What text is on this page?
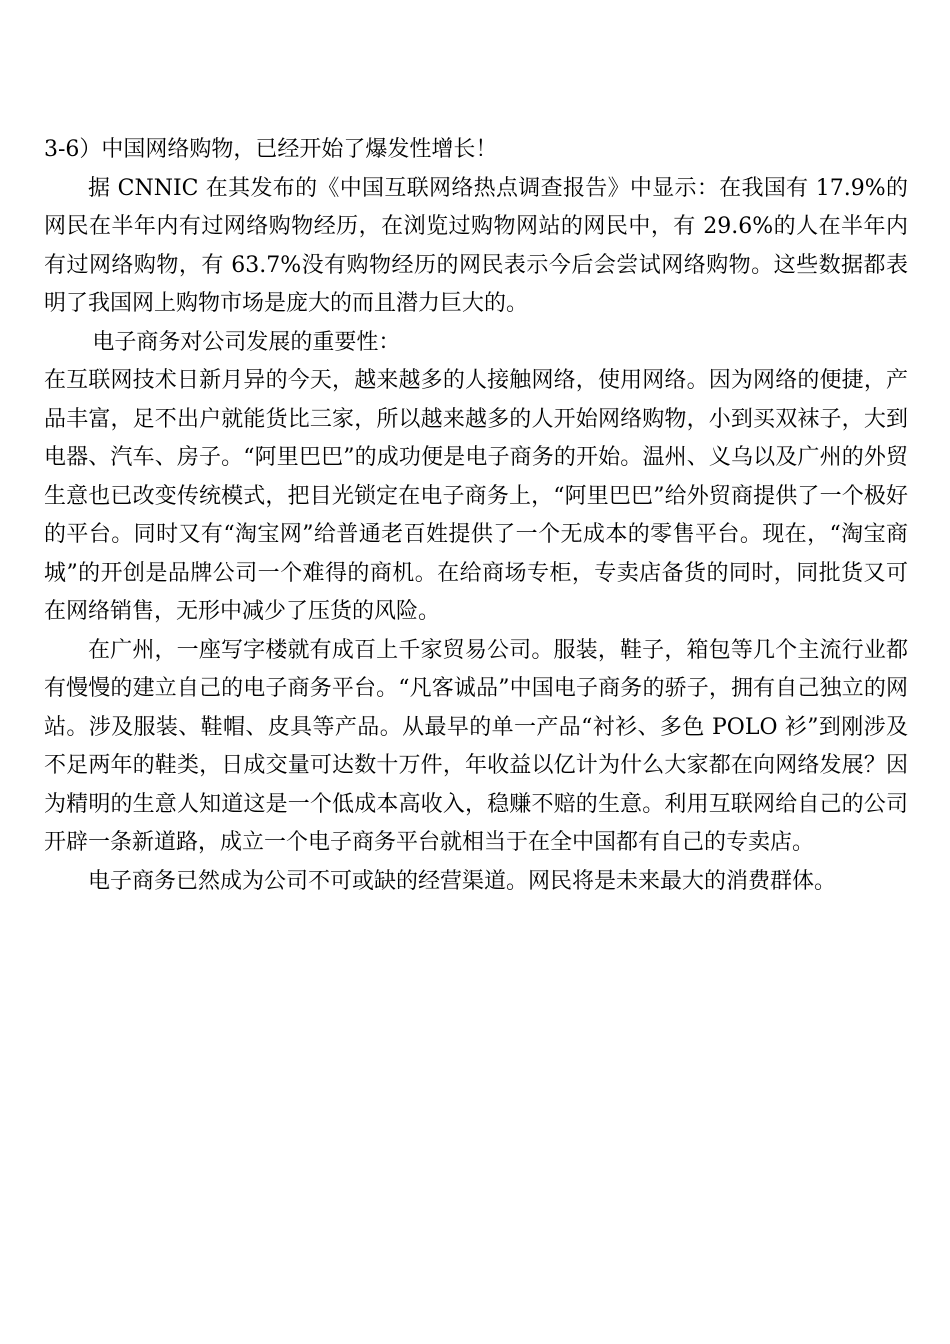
3-6）中国网络购物，已经开始了爆发性增长！

据 CNNIC 在其发布的《中国互联网络热点调查报告》中显示：在我国有 17.9%的网民在半年内有过网络购物经历，在浏览过购物网站的网民中，有 29.6%的人在半年内有过网络购物，有 63.7%没有购物经历的网民表示今后会尝试网络购物。这些数据都表明了我国网上购物市场是庞大的而且潜力巨大的。

电子商务对公司发展的重要性：

在互联网技术日新月异的今天，越来越多的人接触网络，使用网络。因为网络的便捷，产品丰富，足不出户就能货比三家，所以越来越多的人开始网络购物，小到买双袜子，大到电器、汽车、房子。“阿里巴巴”的成功便是电子商务的开始。温州、义乌以及广州的外贸生意也已改变传统模式，把目光锁定在电子商务上，“阿里巴巴”给外贸商提供了一个极好的平台。同时又有“淘宝网”给普通老百姓提供了一个无成本的零售平台。现在，“淘宝商城”的开创是品牌公司一个难得的商机。在给商场专柜，专卖店备货的同时，同批货又可在网络销售，无形中减少了压货的风险。

在广州，一座写字楼就有成百上千家贸易公司。服装，鞋子，箱包等几个主流行业都有慢慢的建立自己的电子商务平台。“凡客诚品”中国电子商务的骄子，拥有自己独立的网站。涉及服装、鞋帽、皮具等产品。从最早的单一产品“衬衫、多色 POLO 衫”到刚涉及不足两年的鞋类，日成交量可达数十万件，年收益以亿计为什么大家都在向网络发展？因为精明的生意人知道这是一个低成本高收入，稳赚不赔的生意。利用互联网给自己的公司开辟一条新道路，成立一个电子商务平台就相当于在全中国都有自己的专卖店。

电子商务已然成为公司不可或缺的经营渠道。网民将是未来最大的消费群体。
